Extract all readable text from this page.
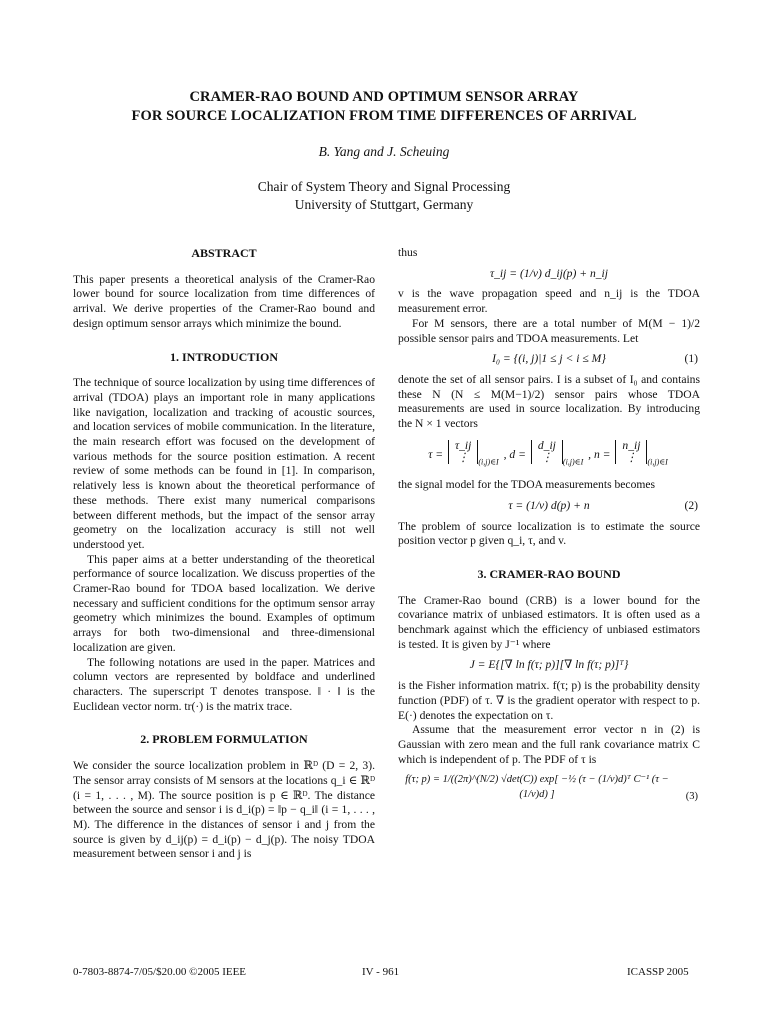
CRAMER-RAO BOUND AND OPTIMUM SENSOR ARRAY
FOR SOURCE LOCALIZATION FROM TIME DIFFERENCES OF ARRIVAL
B. Yang and J. Scheuing
Chair of System Theory and Signal Processing
University of Stuttgart, Germany
ABSTRACT

This paper presents a theoretical analysis of the Cramer-Rao lower bound for source localization from time differences of arrival. We derive properties of the Cramer-Rao bound and design optimum sensor arrays which minimize the bound.

1. INTRODUCTION

The technique of source localization by using time differences of arrival (TDOA) plays an important role in many applications like navigation, localization and tracking of acoustic sources, and location services of mobile communication. In the literature, the main research effort was focused on the development of various methods for the source position estimation. A recent review of some methods can be found in [1]. In comparison, relatively less is known about the theoretical performance of these methods. There exist many numerical comparisons between different methods, but the impact of the sensor array geometry on the localization accuracy is still not well understood yet.

This paper aims at a better understanding of the theoretical performance of source localization. We discuss properties of the Cramer-Rao bound for TDOA based localization. We derive necessary and sufficient conditions for the optimum sensor array geometry which minimizes the bound. Examples of optimum arrays for both two-dimensional and three-dimensional localization are given.

The following notations are used in the paper. Matrices and column vectors are represented by boldface and underlined characters. The superscript T denotes transpose. ‖ · ‖ is the Euclidean vector norm. tr(·) is the matrix trace.

2. PROBLEM FORMULATION

We consider the source localization problem in ℝᴰ (D = 2, 3). The sensor array consists of M sensors at the locations q_i ∈ ℝᴰ (i = 1, . . . , M). The source position is p ∈ ℝᴰ. The distance between the source and sensor i is d_i(p) = ‖p − q_i‖ (i = 1, . . . , M). The difference in the distances of sensor i and j from the source is given by d_ij(p) = d_i(p) − d_j(p). The noisy TDOA measurement between sensor i and j is

thus

τ_ij = (1/v) d_ij(p) + n_ij

v is the wave propagation speed and n_ij is the TDOA measurement error.

For M sensors, there are a total number of M(M − 1)/2 possible sensor pairs and TDOA measurements. Let

I₀ = {(i, j)|1 ≤ j < i ≤ M}	(1)

denote the set of all sensor pairs. I is a subset of I₀ and contains these N (N ≤ M(M−1)/2) sensor pairs whose TDOA measurements are used in source localization. By introducing the N × 1 vectors

τ = τ_ij
⋮ $_{(i,j)\in I}$ , d = d_ij
⋮ $_{(i,j)\in I}$ , n = n_ij
⋮ $_{(i,j)\in I}$

the signal model for the TDOA measurements becomes

τ = (1/v) d(p) + n	(2)

The problem of source localization is to estimate the source position vector p given q_i, τ, and v.

3. CRAMER-RAO BOUND

The Cramer-Rao bound (CRB) is a lower bound for the covariance matrix of unbiased estimators. It is often used as a benchmark against which the efficiency of unbiased estimators is tested. It is given by J⁻¹ where

J = E{[∇ ln f(τ; p)][∇ ln f(τ; p)]ᵀ}

is the Fisher information matrix. f(τ; p) is the probability density function (PDF) of τ. ∇ is the gradient operator with respect to p. E(·) denotes the expectation on τ.

Assume that the measurement error vector n in (2) is Gaussian with zero mean and the full rank covariance matrix C which is independent of p. The PDF of τ is

f(τ; p) = 1/((2π)^(N/2) √det(C)) exp[ −½ (τ − (1/v)d)ᵀ C⁻¹ (τ − (1/v)d) ]	(3)
0-7803-8874-7/05/$20.00 ©2005 IEEE	IV - 961	ICASSP 2005
